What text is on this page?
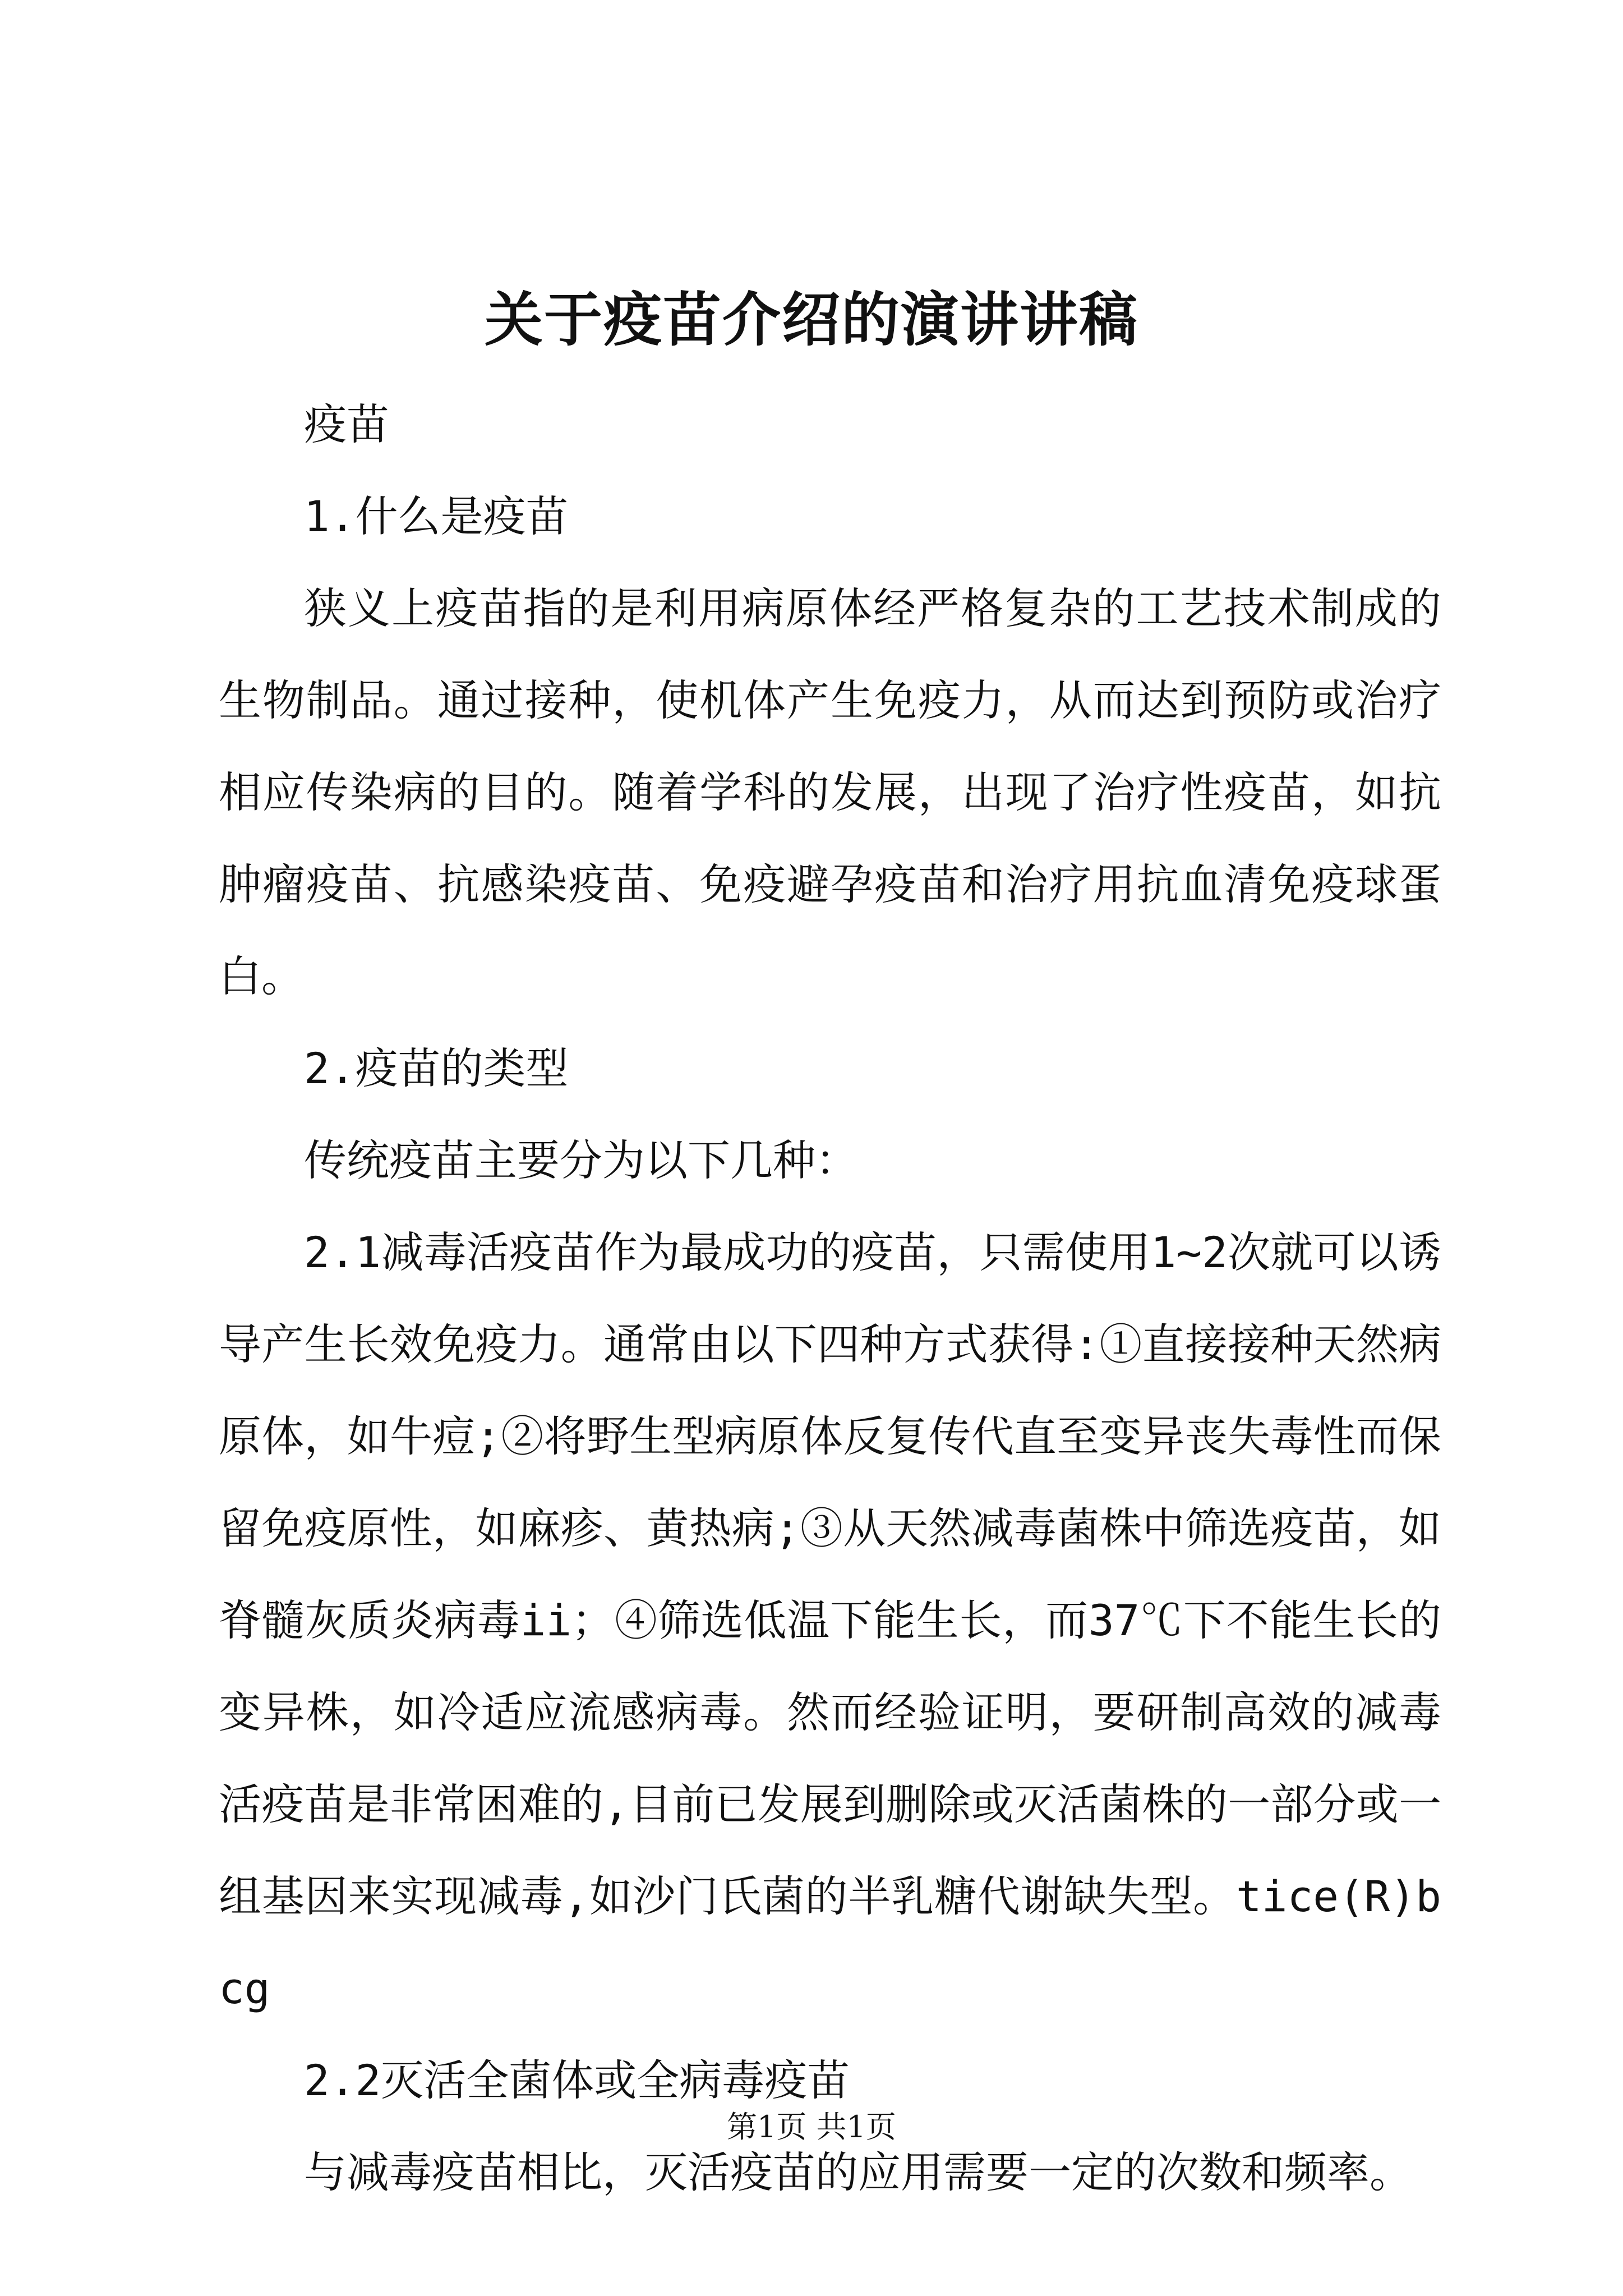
关于疫苗介绍的演讲讲稿

疫苗

1.什么是疫苗

狭义上疫苗指的是利用病原体经严格复杂的工艺技术制成的生物制品。通过接种，使机体产生免疫力，从而达到预防或治疗相应传染病的目的。随着学科的发展，出现了治疗性疫苗，如抗肿瘤疫苗、抗感染疫苗、免疫避孕疫苗和治疗用抗血清免疫球蛋白。

2.疫苗的类型

传统疫苗主要分为以下几种：

2.1减毒活疫苗作为最成功的疫苗，只需使用1~2次就可以诱导产生长效免疫力。通常由以下四种方式获得:①直接接种天然病原体，如牛痘;②将野生型病原体反复传代直至变异丧失毒性而保留免疫原性，如麻疹、黄热病;③从天然减毒菌株中筛选疫苗，如脊髓灰质炎病毒ii；④筛选低温下能生长，而37℃下不能生长的变异株，如冷适应流感病毒。然而经验证明，要研制高效的减毒活疫苗是非常困难的,目前已发展到删除或灭活菌株的一部分或一组基因来实现减毒,如沙门氏菌的半乳糖代谢缺失型。tice(R)bcg

2.2灭活全菌体或全病毒疫苗

与减毒疫苗相比，灭活疫苗的应用需要一定的次数和频率。

第1页 共1页
